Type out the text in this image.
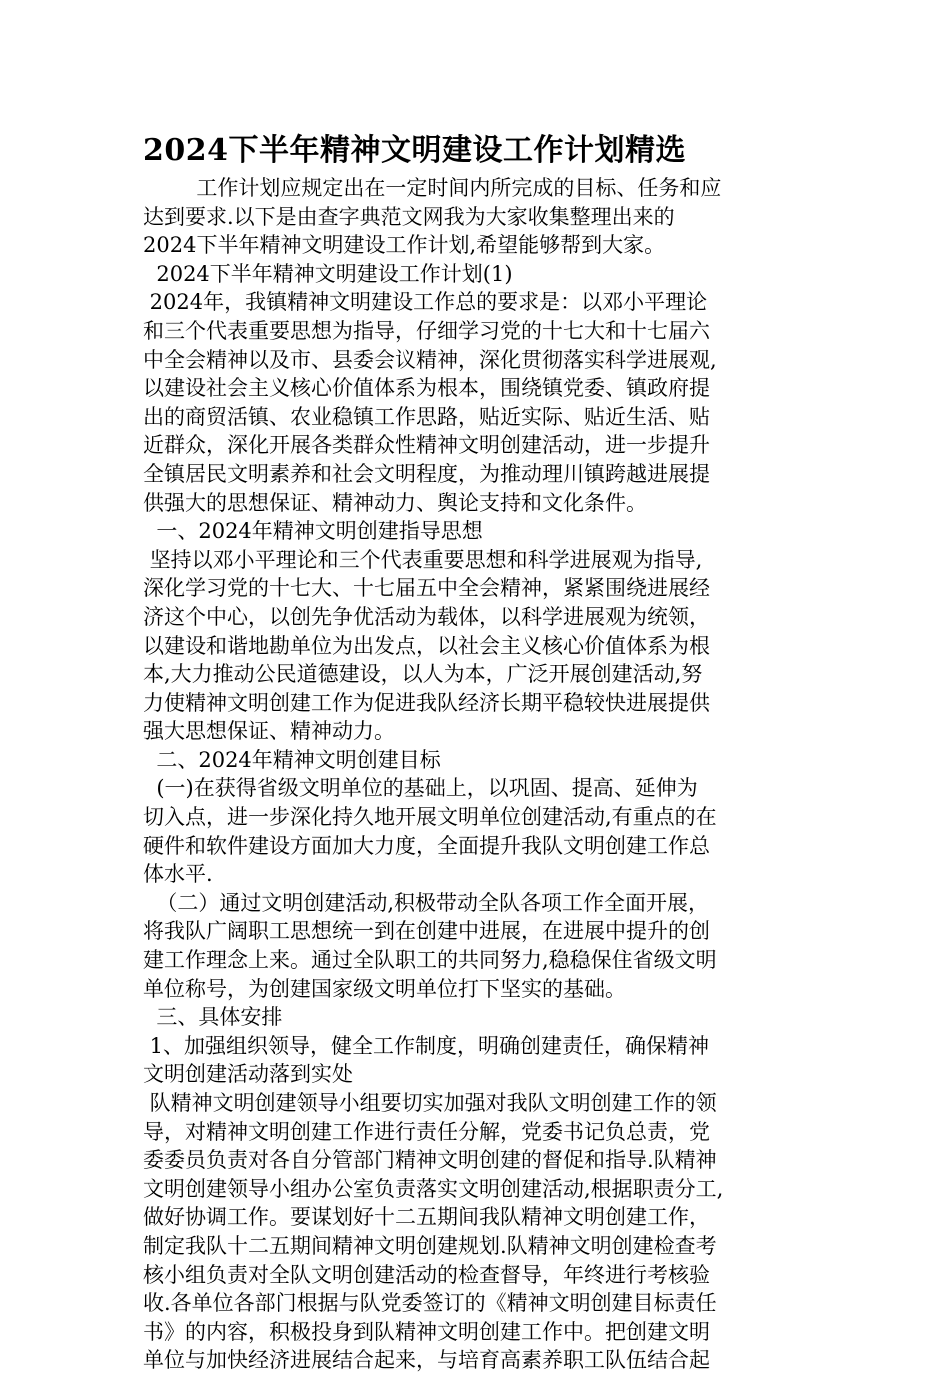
2024下半年精神文明建设工作计划精选
工作计划应规定出在一定时间内所完成的目标、任务和应
达到要求.以下是由查字典范文网我为大家收集整理出来的
2024下半年精神文明建设工作计划,希望能够帮到大家。
2024下半年精神文明建设工作计划(1)
2024年，我镇精神文明建设工作总的要求是：以邓小平理论
和三个代表重要思想为指导，仔细学习党的十七大和十七届六
中全会精神以及市、县委会议精神，深化贯彻落实科学进展观,
以建设社会主义核心价值体系为根本，围绕镇党委、镇政府提
出的商贸活镇、农业稳镇工作思路，贴近实际、贴近生活、贴
近群众，深化开展各类群众性精神文明创建活动，进一步提升
全镇居民文明素养和社会文明程度，为推动理川镇跨越进展提
供强大的思想保证、精神动力、舆论支持和文化条件。
一、2024年精神文明创建指导思想
坚持以邓小平理论和三个代表重要思想和科学进展观为指导,
深化学习党的十七大、十七届五中全会精神，紧紧围绕进展经
济这个中心，以创先争优活动为载体，以科学进展观为统领，
以建设和谐地勘单位为出发点，以社会主义核心价值体系为根
本,大力推动公民道德建设，以人为本，广泛开展创建活动,努
力使精神文明创建工作为促进我队经济长期平稳较快进展提供
强大思想保证、精神动力。
二、2024年精神文明创建目标
(一)在获得省级文明单位的基础上，以巩固、提高、延伸为
切入点，进一步深化持久地开展文明单位创建活动,有重点的在
硬件和软件建设方面加大力度，全面提升我队文明创建工作总
体水平.
（二）通过文明创建活动,积极带动全队各项工作全面开展，
将我队广阔职工思想统一到在创建中进展，在进展中提升的创
建工作理念上来。通过全队职工的共同努力,稳稳保住省级文明
单位称号，为创建国家级文明单位打下坚实的基础。
三、具体安排
1、加强组织领导，健全工作制度，明确创建责任，确保精神
文明创建活动落到实处
队精神文明创建领导小组要切实加强对我队文明创建工作的领
导，对精神文明创建工作进行责任分解，党委书记负总责，党
委委员负责对各自分管部门精神文明创建的督促和指导.队精神
文明创建领导小组办公室负责落实文明创建活动,根据职责分工,
做好协调工作。要谋划好十二五期间我队精神文明创建工作，
制定我队十二五期间精神文明创建规划.队精神文明创建检查考
核小组负责对全队文明创建活动的检查督导，年终进行考核验
收.各单位各部门根据与队党委签订的《精神文明创建目标责任
书》的内容，积极投身到队精神文明创建工作中。把创建文明
单位与加快经济进展结合起来，与培育高素养职工队伍结合起
